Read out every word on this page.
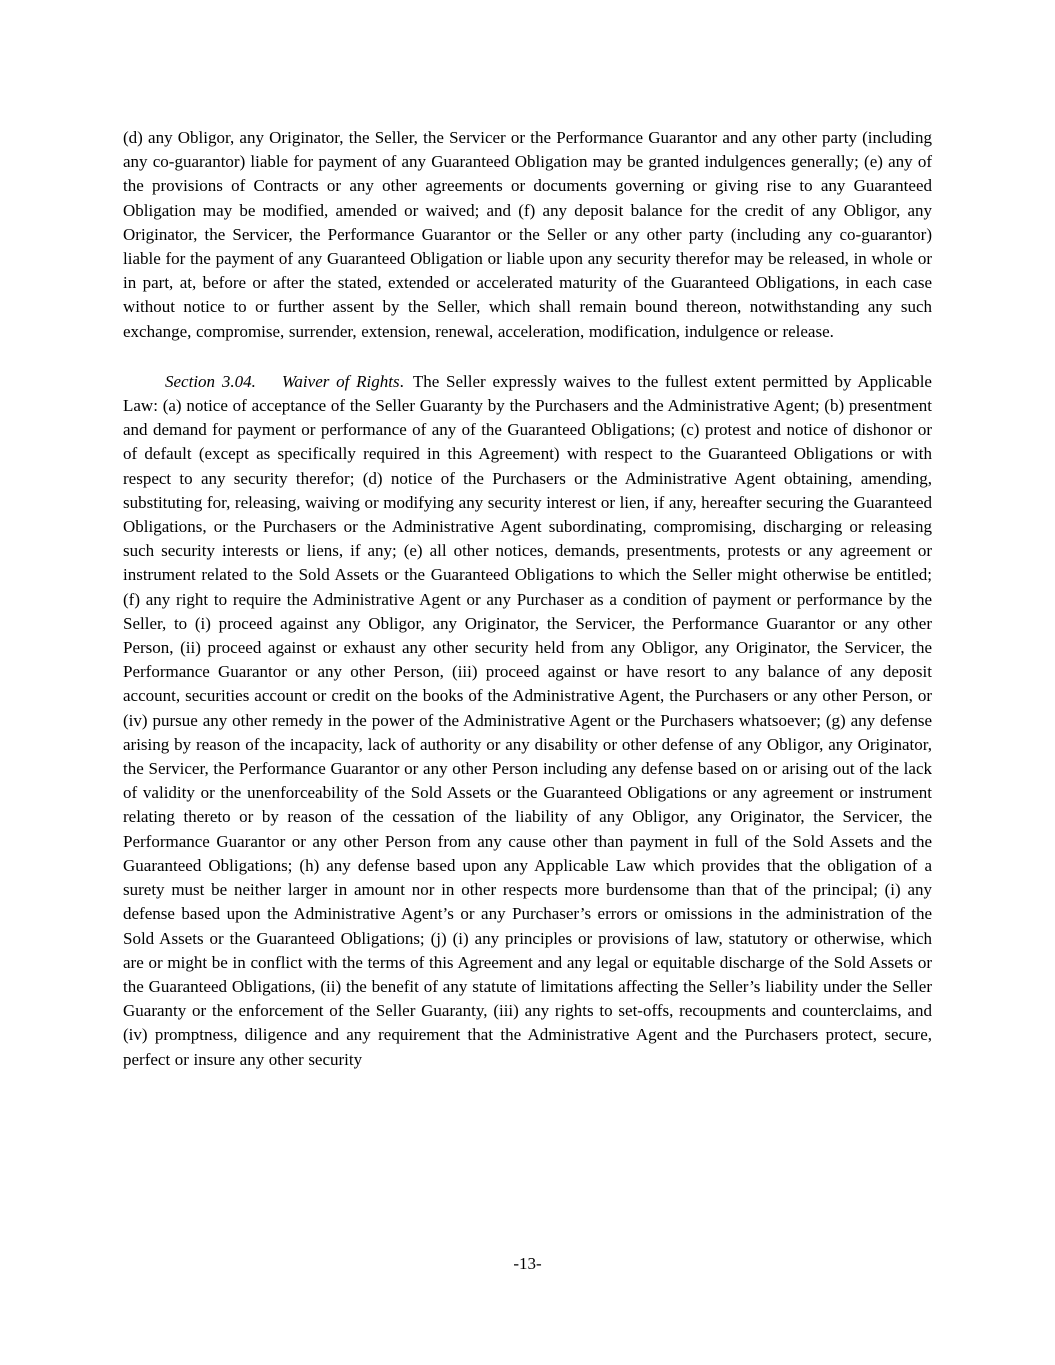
(d) any Obligor, any Originator, the Seller, the Servicer or the Performance Guarantor and any other party (including any co-guarantor) liable for payment of any Guaranteed Obligation may be granted indulgences generally; (e) any of the provisions of Contracts or any other agreements or documents governing or giving rise to any Guaranteed Obligation may be modified, amended or waived; and (f) any deposit balance for the credit of any Obligor, any Originator, the Servicer, the Performance Guarantor or the Seller or any other party (including any co-guarantor) liable for the payment of any Guaranteed Obligation or liable upon any security therefor may be released, in whole or in part, at, before or after the stated, extended or accelerated maturity of the Guaranteed Obligations, in each case without notice to or further assent by the Seller, which shall remain bound thereon, notwithstanding any such exchange, compromise, surrender, extension, renewal, acceleration, modification, indulgence or release.

Section 3.04. Waiver of Rights. The Seller expressly waives to the fullest extent permitted by Applicable Law: (a) notice of acceptance of the Seller Guaranty by the Purchasers and the Administrative Agent; (b) presentment and demand for payment or performance of any of the Guaranteed Obligations; (c) protest and notice of dishonor or of default (except as specifically required in this Agreement) with respect to the Guaranteed Obligations or with respect to any security therefor; (d) notice of the Purchasers or the Administrative Agent obtaining, amending, substituting for, releasing, waiving or modifying any security interest or lien, if any, hereafter securing the Guaranteed Obligations, or the Purchasers or the Administrative Agent subordinating, compromising, discharging or releasing such security interests or liens, if any; (e) all other notices, demands, presentments, protests or any agreement or instrument related to the Sold Assets or the Guaranteed Obligations to which the Seller might otherwise be entitled; (f) any right to require the Administrative Agent or any Purchaser as a condition of payment or performance by the Seller, to (i) proceed against any Obligor, any Originator, the Servicer, the Performance Guarantor or any other Person, (ii) proceed against or exhaust any other security held from any Obligor, any Originator, the Servicer, the Performance Guarantor or any other Person, (iii) proceed against or have resort to any balance of any deposit account, securities account or credit on the books of the Administrative Agent, the Purchasers or any other Person, or (iv) pursue any other remedy in the power of the Administrative Agent or the Purchasers whatsoever; (g) any defense arising by reason of the incapacity, lack of authority or any disability or other defense of any Obligor, any Originator, the Servicer, the Performance Guarantor or any other Person including any defense based on or arising out of the lack of validity or the unenforceability of the Sold Assets or the Guaranteed Obligations or any agreement or instrument relating thereto or by reason of the cessation of the liability of any Obligor, any Originator, the Servicer, the Performance Guarantor or any other Person from any cause other than payment in full of the Sold Assets and the Guaranteed Obligations; (h) any defense based upon any Applicable Law which provides that the obligation of a surety must be neither larger in amount nor in other respects more burdensome than that of the principal; (i) any defense based upon the Administrative Agent’s or any Purchaser’s errors or omissions in the administration of the Sold Assets or the Guaranteed Obligations; (j) (i) any principles or provisions of law, statutory or otherwise, which are or might be in conflict with the terms of this Agreement and any legal or equitable discharge of the Sold Assets or the Guaranteed Obligations, (ii) the benefit of any statute of limitations affecting the Seller’s liability under the Seller Guaranty or the enforcement of the Seller Guaranty, (iii) any rights to set-offs, recoupments and counterclaims, and (iv) promptness, diligence and any requirement that the Administrative Agent and the Purchasers protect, secure, perfect or insure any other security

-13-
